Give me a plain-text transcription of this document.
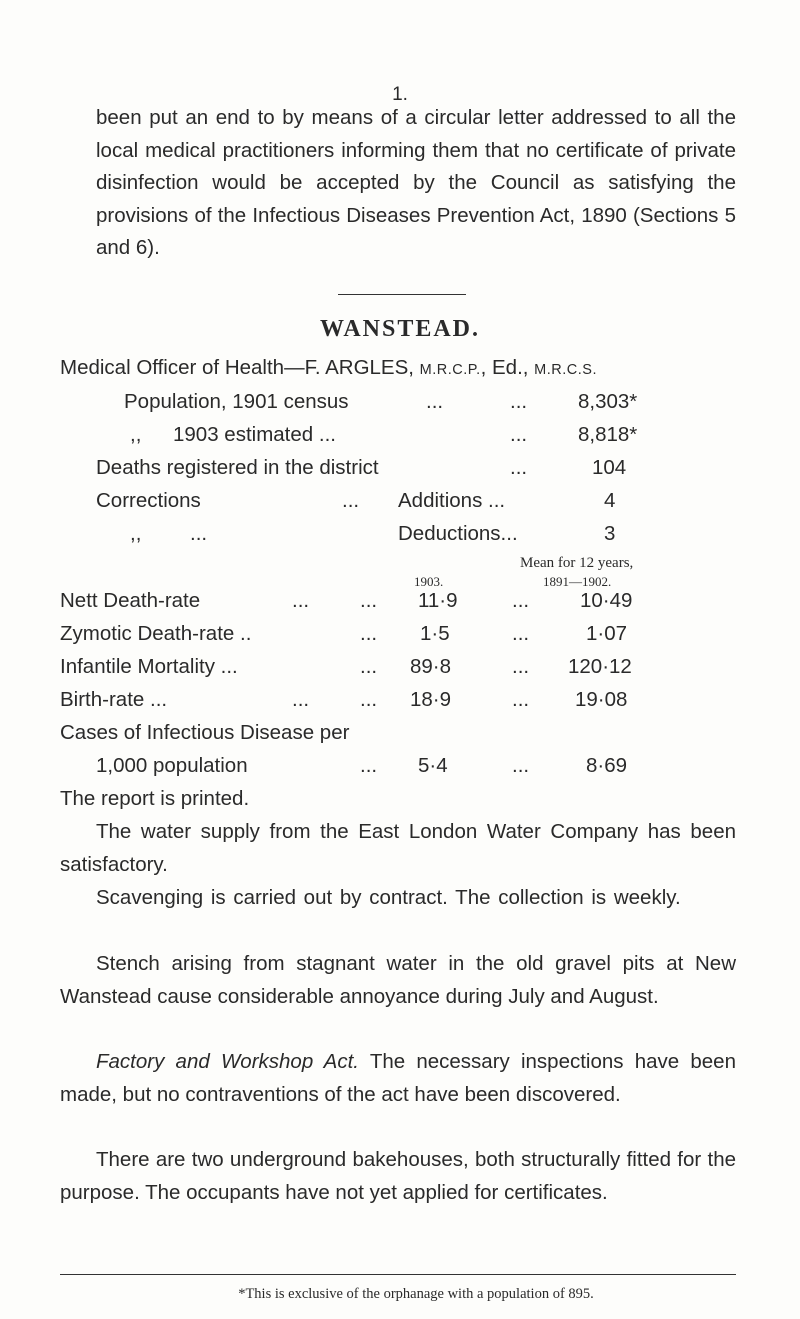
1.

been put an end to by means of a circular letter addressed to all the local medical practitioners informing them that no certificate of private disinfection would be accepted by the Council as satisfying the provisions of the Infectious Diseases Prevention Act, 1890 (Sections 5 and 6).

WANSTEAD.
Medical Officer of Health—F. ARGLES, M.R.C.P., Ed., M.R.C.S.
Population, 1901 census	...	... 8,303*
,, 1903 estimated ...	... 8,818*
Deaths registered in the district	...	104
Corrections	... Additions ...	4
,, ...	Deductions...	3
Mean for 12 years,
1903.	1891—1902.
Nett Death-rate	... ... 11·9	... 10·49
Zymotic Death-rate ..	... 1·5	...	1·07
Infantile Mortality ...	... 89·8	... 120·12
Birth-rate ...	... ... 18·9	... 19·08
Cases of Infectious Disease per
1,000 population	... 5·4	...	8·69
The report is printed.

The water supply from the East London Water Company has been satisfactory.

Scavenging is carried out by contract. The collection is weekly.

Stench arising from stagnant water in the old gravel pits at New Wanstead cause considerable annoyance during July and August.

Factory and Workshop Act. The necessary inspections have been made, but no contraventions of the act have been discovered.

There are two underground bakehouses, both structurally fitted for the purpose. The occupants have not yet applied for certificates.

*This is exclusive of the orphanage with a population of 895.
